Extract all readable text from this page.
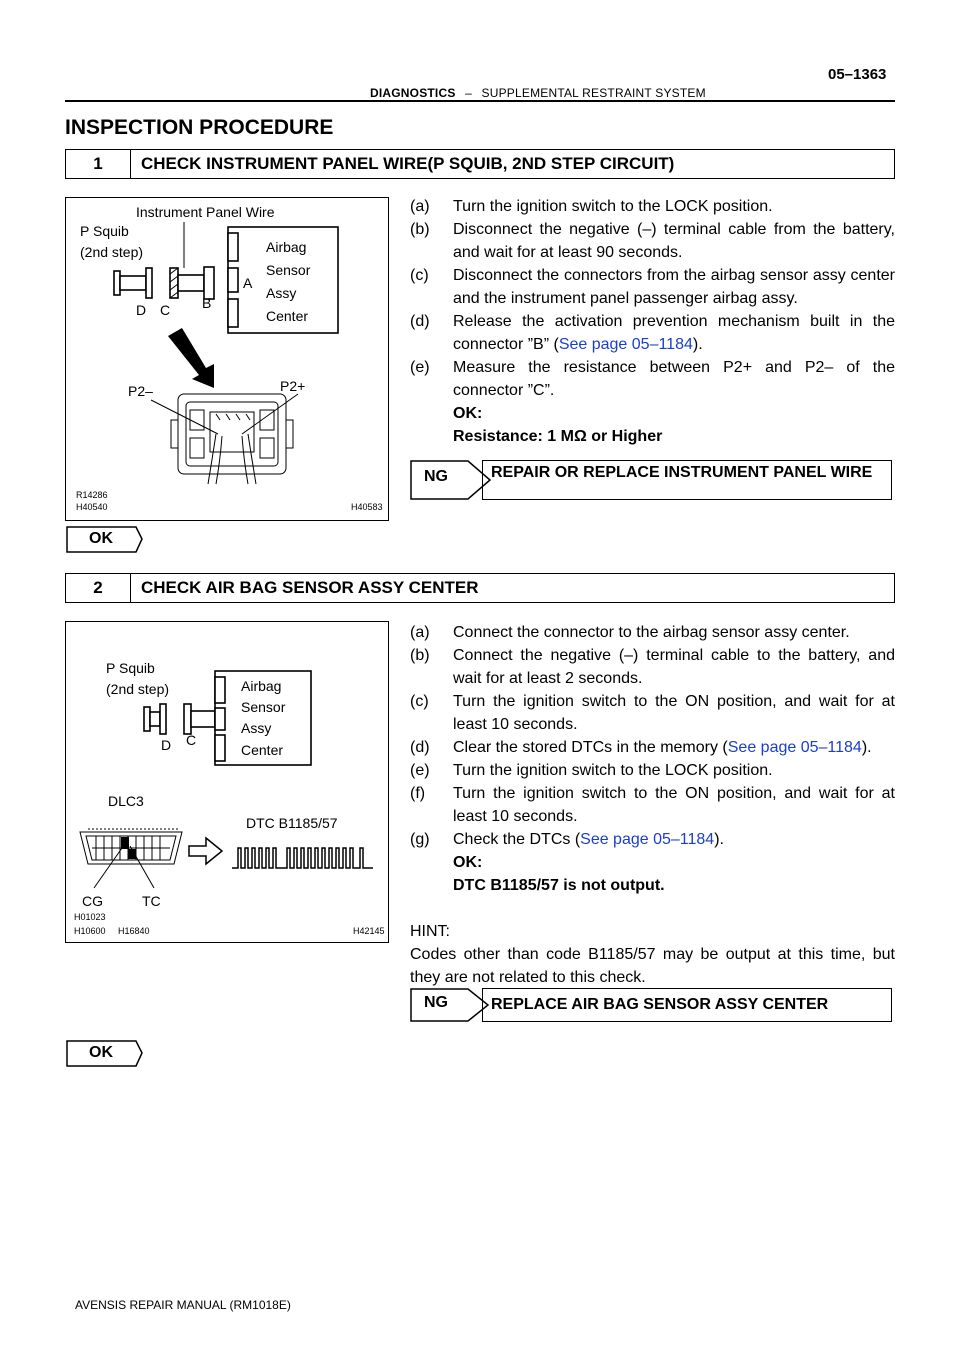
05–1363
DIAGNOSTICS – SUPPLEMENTAL RESTRAINT SYSTEM
INSPECTION PROCEDURE
1	CHECK INSTRUMENT PANEL WIRE(P SQUIB, 2ND STEP CIRCUIT)
Instrument Panel Wire
P Squib
(2nd step)
D C B
Airbag
Sensor
Assy
Center
A
P2–	P2+
R14286
H40540	H40583
(a) Turn the ignition switch to the LOCK position.
(b) Disconnect the negative (–) terminal cable from the battery, and wait for at least 90 seconds.
(c) Disconnect the connectors from the airbag sensor assy center and the instrument panel passenger airbag assy.
(d) Release the activation prevention mechanism built in the connector ”B” (See page 05–1184).
(e) Measure the resistance between P2+ and P2– of the connector ”C”.
OK:
Resistance: 1 MΩ or Higher
NG	REPAIR OR REPLACE INSTRUMENT PANEL WIRE
OK
2	CHECK AIR BAG SENSOR ASSY CENTER
P Squib
(2nd step)
D C
Airbag
Sensor
Assy
Center
DLC3
DTC B1185/57
CG	TC
H01023
H10600 H16840	H42145
(a) Connect the connector to the airbag sensor assy center.
(b) Connect the negative (–) terminal cable to the battery, and wait for at least 2 seconds.
(c) Turn the ignition switch to the ON position, and wait for at least 10 seconds.
(d) Clear the stored DTCs in the memory (See page 05–1184).
(e) Turn the ignition switch to the LOCK position.
(f) Turn the ignition switch to the ON position, and wait for at least 10 seconds.
(g) Check the DTCs (See page 05–1184).
OK:
DTC B1185/57 is not output.
HINT:
Codes other than code B1185/57 may be output at this time, but they are not related to this check.
NG	REPLACE AIR BAG SENSOR ASSY CENTER
OK
AVENSIS REPAIR MANUAL (RM1018E)
